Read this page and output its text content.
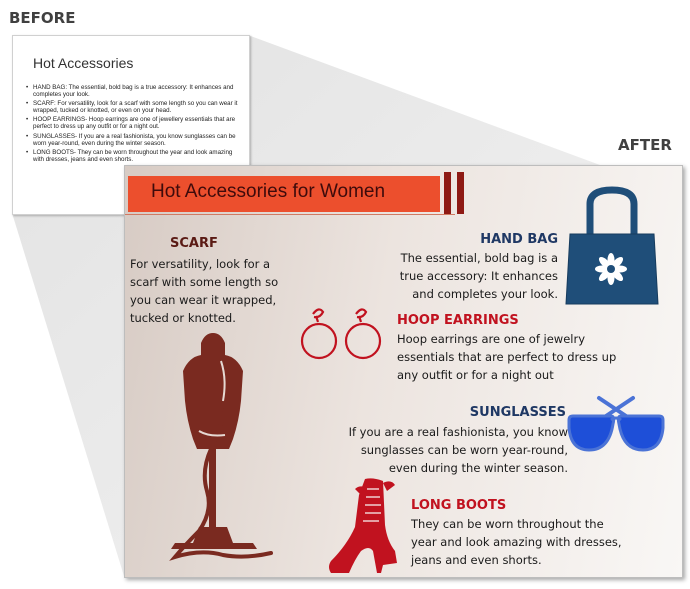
BEFORE
AFTER
Hot Accessories
• HAND BAG: The essential, bold bag is a true accessory: It enhances and completes your look.
• SCARF: For versatility, look for a scarf with some length so you can wear it wrapped, tucked or knotted, or even on your head.
• HOOP EARRINGS- Hoop earrings are one of jewellery essentials that are perfect to dress up any outfit or for a night out.
• SUNGLASSES- If you are a real fashionista, you know sunglasses can be worn year-round, even during the winter season.
• LONG BOOTS- They can be worn throughout the year and look amazing with dresses, jeans and even shorts.
Hot Accessories for Women
SCARF
For versatility, look for a scarf with some length so you can wear it wrapped, tucked or knotted.
HAND BAG
The essential, bold bag is a true accessory: It enhances and completes your look.
HOOP EARRINGS
Hoop earrings are one of jewelry essentials that are perfect to dress up any outfit or for a night out
SUNGLASSES
If you are a real fashionista, you know sunglasses can be worn year-round, even during the winter season.
LONG BOOTS
They can be worn throughout the year and look amazing with dresses, jeans and even shorts.
